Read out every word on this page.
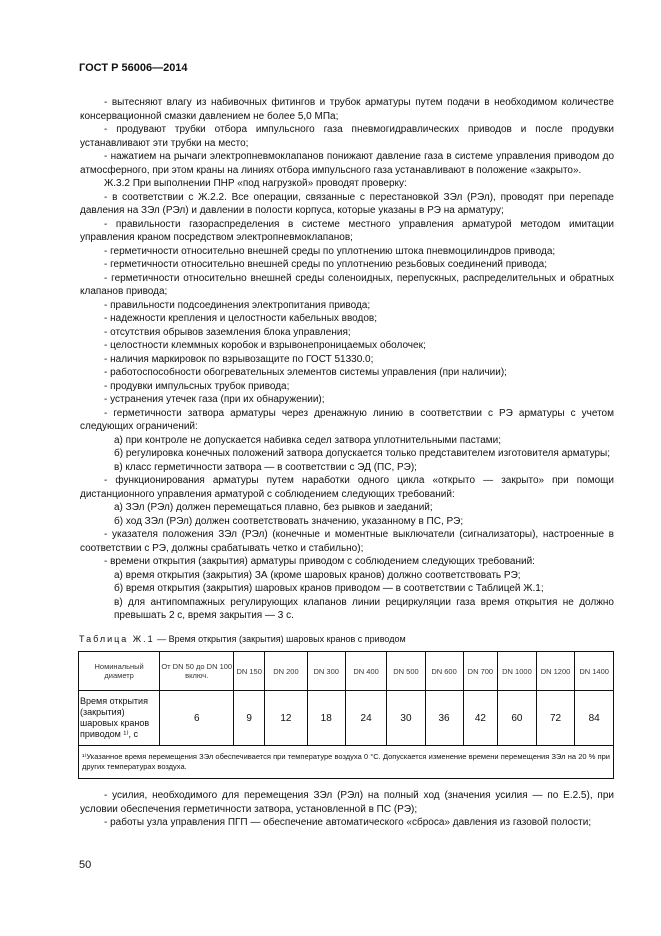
ГОСТ Р 56006—2014

- вытесняют влагу из набивочных фитингов и трубок арматуры путем подачи в необходимом количестве консервационной смазки давлением не более 5,0 МПа;

- продувают трубки отбора импульсного газа пневмогидравлических приводов и после продувки устанавливают эти трубки на место;

- нажатием на рычаги электропневмоклапанов понижают давление газа в системе управления приводом до атмосферного, при этом краны на линиях отбора импульсного газа устанавливают в положение «закрыто».

Ж.3.2 При выполнении ПНР «под нагрузкой» проводят проверку:

- в соответствии с Ж.2.2. Все операции, связанные с перестановкой ЗЭл (РЭл), проводят при перепаде давления на ЗЭл (РЭл) и давлении в полости корпуса, которые указаны в РЭ на арматуру;

- правильности газораспределения в системе местного управления арматурой методом имитации управления краном посредством электропневмоклапанов;

- герметичности относительно внешней среды по уплотнению штока пневмоцилиндров привода;

- герметичности относительно внешней среды по уплотнению резьбовых соединений привода;

- герметичности относительно внешней среды соленоидных, перепускных, распределительных и обратных клапанов привода;

- правильности подсоединения электропитания привода;

- надежности крепления и целостности кабельных вводов;

- отсутствия обрывов заземления блока управления;

- целостности клеммных коробок и взрывонепроницаемых оболочек;

- наличия маркировок по взрывозащите по ГОСТ 51330.0;

- работоспособности обогревательных элементов системы управления (при наличии);

- продувки импульсных трубок привода;

- устранения утечек газа (при их обнаружении);

- герметичности затвора арматуры через дренажную линию в соответствии с РЭ арматуры с учетом следующих ограничений:

а) при контроле не допускается набивка седел затвора уплотнительными пастами;

б) регулировка конечных положений затвора допускается только представителем изготовителя арматуры;

в) класс герметичности затвора — в соответствии с ЭД (ПС, РЭ);

- функционирования арматуры путем наработки одного цикла «открыто — закрыто» при помощи дистанционного управления арматурой с соблюдением следующих требований:

а) ЗЭл (РЭл) должен перемещаться плавно, без рывков и заеданий;

б) ход ЗЭл (РЭл) должен соответствовать значению, указанному в ПС, РЭ;

- указателя положения ЗЭл (РЭл) (конечные и моментные выключатели (сигнализаторы), настроенные в соответствии с РЭ, должны срабатывать четко и стабильно);

- времени открытия (закрытия) арматуры приводом с соблюдением следующих требований:

а) время открытия (закрытия) ЗА (кроме шаровых кранов) должно соответствовать РЭ;

б) время открытия (закрытия) шаровых кранов приводом — в соответствии с Таблицей Ж.1;

в) для антипомпажных регулирующих клапанов линии рециркуляции газа время открытия не должно превышать 2 с, время закрытия — 3 с.

Таблица Ж.1 — Время открытия (закрытия) шаровых кранов с приводом
Номинальный диаметр	От DN 50 до DN 100 включ.	DN 150	DN 200	DN 300	DN 400	DN 500	DN 600	DN 700	DN 1000	DN 1200	DN 1400
Время открытия (закрытия) шаровых кранов приводом ¹⁾, с	6	9	12	18	24	30	36	42	60	72	84
¹⁾Указанное время перемещения ЗЭл обеспечивается при температуре воздуха 0 °С. Допускается изменение времени перемещения ЗЭл на 20 % при других температурах воздуха.											

- усилия, необходимого для перемещения ЗЭл (РЭл) на полный ход (значения усилия — по Е.2.5), при условии обеспечения герметичности затвора, установленной в ПС (РЭ);

- работы узла управления ПГП — обеспечение автоматического «сброса» давления из газовой полости;

50
